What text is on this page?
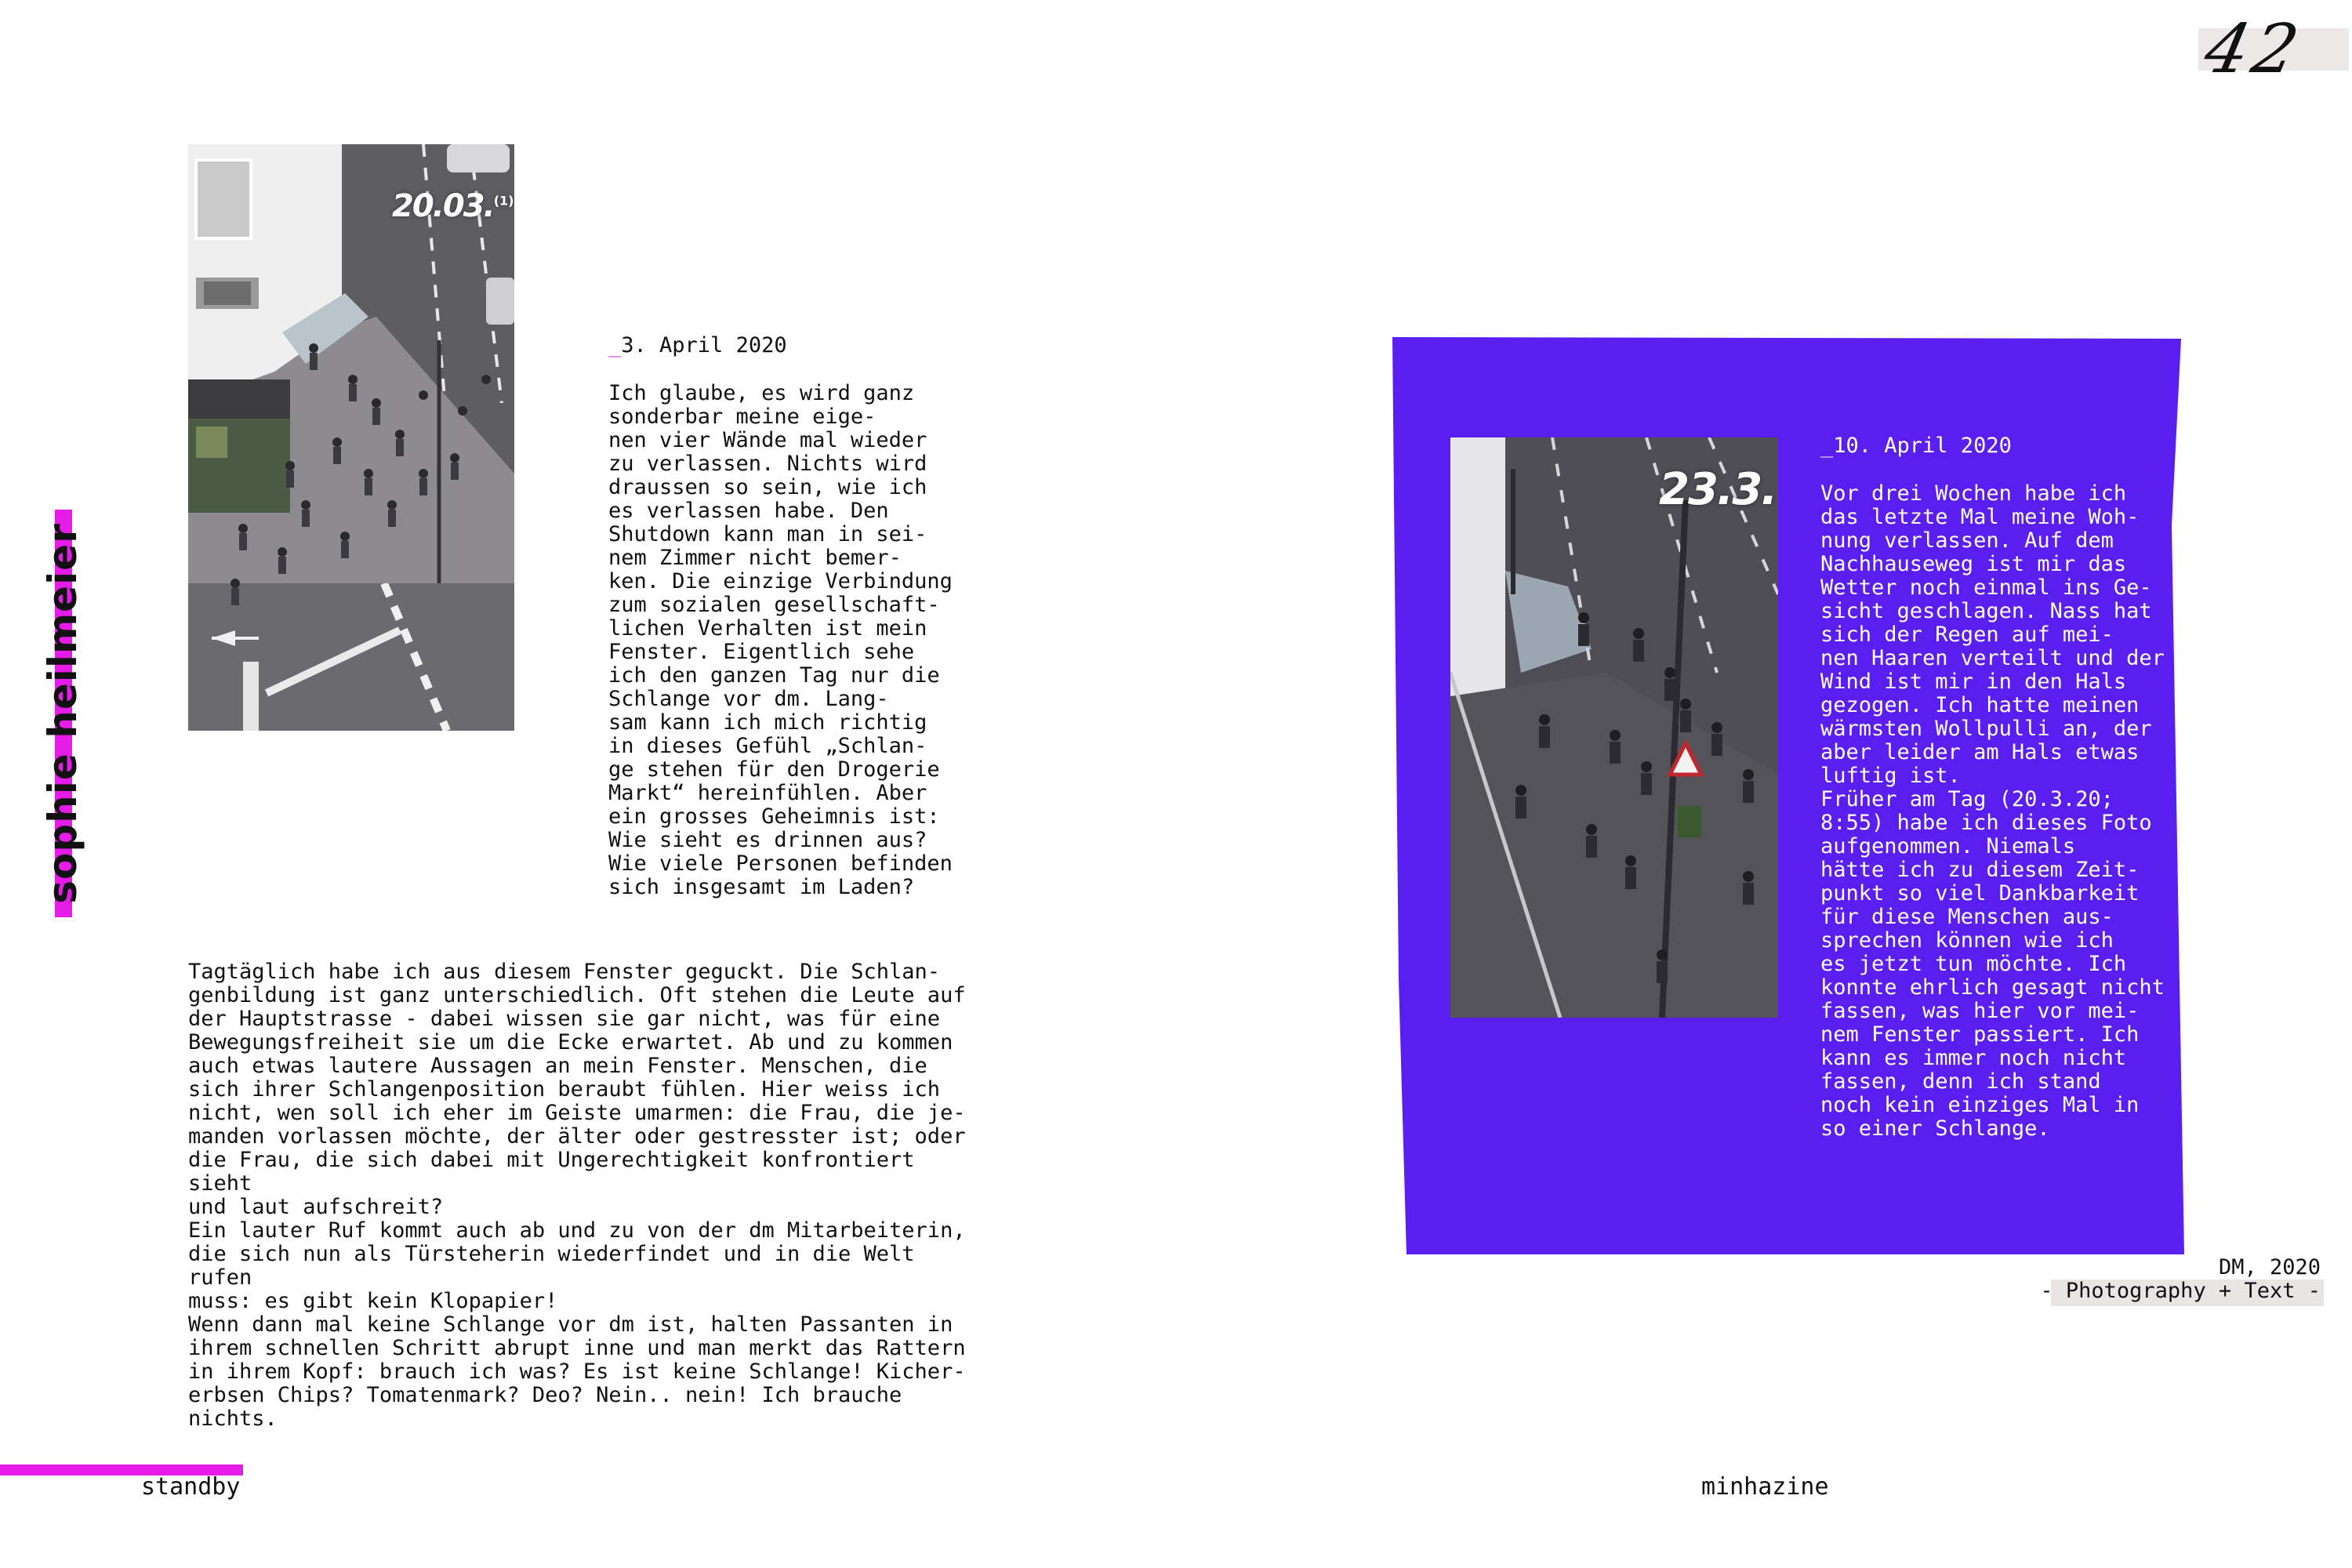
42
sophie heilmeier
20.03.$^{(1)}$
_3. April 2020
Ich glaube, es wird ganz
sonderbar meine eige-
nen vier Wände mal wieder
zu verlassen. Nichts wird
draussen so sein, wie ich
es verlassen habe. Den
Shutdown kann man in sei-
nem Zimmer nicht bemer-
ken. Die einzige Verbindung
zum sozialen gesellschaft-
lichen Verhalten ist mein
Fenster. Eigentlich sehe
ich den ganzen Tag nur die
Schlange vor dm. Lang-
sam kann ich mich richtig
in dieses Gefühl „Schlan-
ge stehen für den Drogerie
Markt“ hereinfühlen. Aber
ein grosses Geheimnis ist:
Wie sieht es drinnen aus?
Wie viele Personen befinden
sich insgesamt im Laden?
Tagtäglich habe ich aus diesem Fenster geguckt. Die Schlan-
genbildung ist ganz unterschiedlich. Oft stehen die Leute auf
der Hauptstrasse - dabei wissen sie gar nicht, was für eine
Bewegungsfreiheit sie um die Ecke erwartet. Ab und zu kommen
auch etwas lautere Aussagen an mein Fenster. Menschen, die
sich ihrer Schlangenposition beraubt fühlen. Hier weiss ich
nicht, wen soll ich eher im Geiste umarmen: die Frau, die je-
manden vorlassen möchte, der älter oder gestresster ist; oder
die Frau, die sich dabei mit Ungerechtigkeit konfrontiert sieht
und laut aufschreit?
Ein lauter Ruf kommt auch ab und zu von der dm Mitarbeiterin,
die sich nun als Türsteherin wiederfindet und in die Welt rufen
muss: es gibt kein Klopapier!
Wenn dann mal keine Schlange vor dm ist, halten Passanten in
ihrem schnellen Schritt abrupt inne und man merkt das Rattern
in ihrem Kopf: brauch ich was? Es ist keine Schlange! Kicher-
erbsen Chips? Tomatenmark? Deo? Nein.. nein! Ich brauche
nichts.
23.3.
_10. April 2020
Vor drei Wochen habe ich
das letzte Mal meine Woh-
nung verlassen. Auf dem
Nachhauseweg ist mir das
Wetter noch einmal ins Ge-
sicht geschlagen. Nass hat
sich der Regen auf mei-
nen Haaren verteilt und der
Wind ist mir in den Hals
gezogen. Ich hatte meinen
wärmsten Wollpulli an, der
aber leider am Hals etwas
luftig ist.
Früher am Tag (20.3.20;
8:55) habe ich dieses Foto
aufgenommen. Niemals
hätte ich zu diesem Zeit-
punkt so viel Dankbarkeit
für diese Menschen aus-
sprechen können wie ich
es jetzt tun möchte. Ich
konnte ehrlich gesagt nicht
fassen, was hier vor mei-
nem Fenster passiert. Ich
kann es immer noch nicht
fassen, denn ich stand
noch kein einziges Mal in
so einer Schlange.
DM, 2020
- Photography + Text -
standby	minhazine
